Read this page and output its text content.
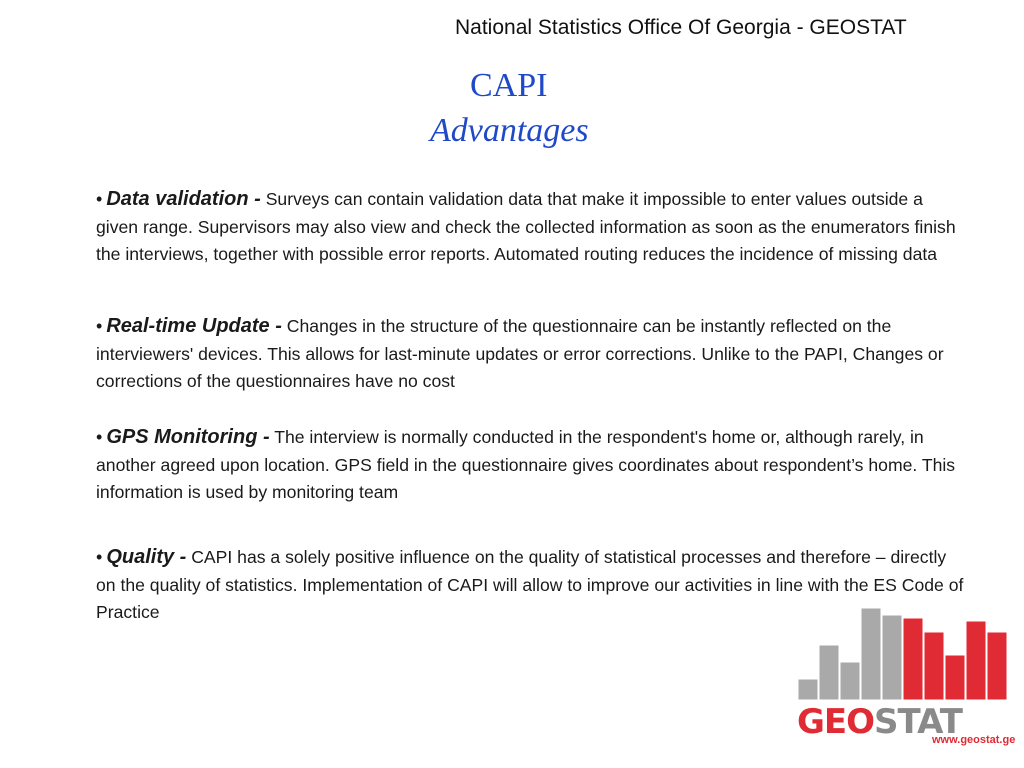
National Statistics Office Of Georgia - GEOSTAT
CAPI
Advantages
• Data validation - Surveys can contain validation data that make it impossible to enter values outside a given range. Supervisors may also view and check the collected information as soon as the enumerators finish the interviews, together with possible error reports. Automated routing reduces the incidence of missing data
• Real-time Update - Changes in the structure of the questionnaire can be instantly reflected on the interviewers' devices. This allows for last-minute updates or error corrections. Unlike to the PAPI, Changes or corrections of the questionnaires have no cost
• GPS Monitoring - The interview is normally conducted in the respondent's home or, although rarely, in another agreed upon location. GPS field in the questionnaire gives coordinates about respondent’s home. This information is used by monitoring team
• Quality - CAPI has a solely positive influence on the quality of statistical processes and therefore – directly on the quality of statistics. Implementation of CAPI will allow to improve our activities in line with the ES Code of Practice
GEOSTAT
www.geostat.ge
